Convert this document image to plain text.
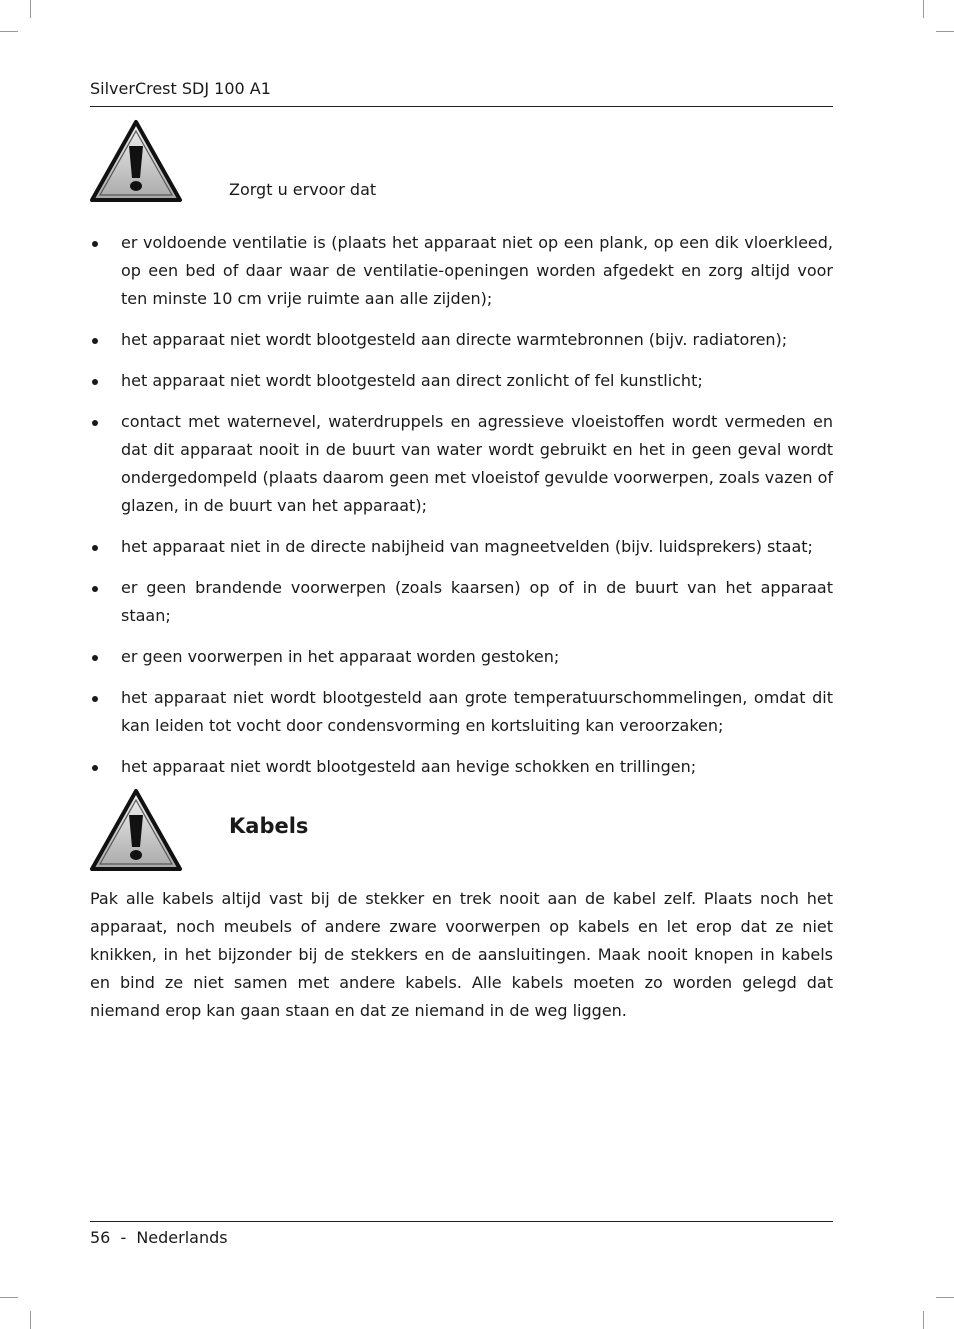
SilverCrest SDJ 100 A1
Zorgt u ervoor dat
er voldoende ventilatie is (plaats het apparaat niet op een plank, op een dik vloerkleed, op een bed of daar waar de ventilatie-openingen worden afgedekt en zorg altijd voor ten minste 10 cm vrije ruimte aan alle zijden);
het apparaat niet wordt blootgesteld aan directe warmtebronnen (bijv. radiatoren);
het apparaat niet wordt blootgesteld aan direct zonlicht of fel kunstlicht;
contact met waternevel, waterdruppels en agressieve vloeistoffen wordt vermeden en dat dit apparaat nooit in de buurt van water wordt gebruikt en het in geen geval wordt ondergedompeld (plaats daarom geen met vloeistof gevulde voorwerpen, zoals vazen of glazen, in de buurt van het apparaat);
het apparaat niet in de directe nabijheid van magneetvelden (bijv. luidsprekers) staat;
er geen brandende voorwerpen (zoals kaarsen) op of in de buurt van het apparaat staan;
er geen voorwerpen in het apparaat worden gestoken;
het apparaat niet wordt blootgesteld aan grote temperatuurschommelingen, omdat dit kan leiden tot vocht door condensvorming en kortsluiting kan veroorzaken;
het apparaat niet wordt blootgesteld aan hevige schokken en trillingen;
Kabels

Pak alle kabels altijd vast bij de stekker en trek nooit aan de kabel zelf. Plaats noch het apparaat, noch meubels of andere zware voorwerpen op kabels en let erop dat ze niet knikken, in het bijzonder bij de stekkers en de aansluitingen. Maak nooit knopen in kabels en bind ze niet samen met andere kabels. Alle kabels moeten zo worden gelegd dat niemand erop kan gaan staan en dat ze niemand in de weg liggen.

56 - Nederlands
